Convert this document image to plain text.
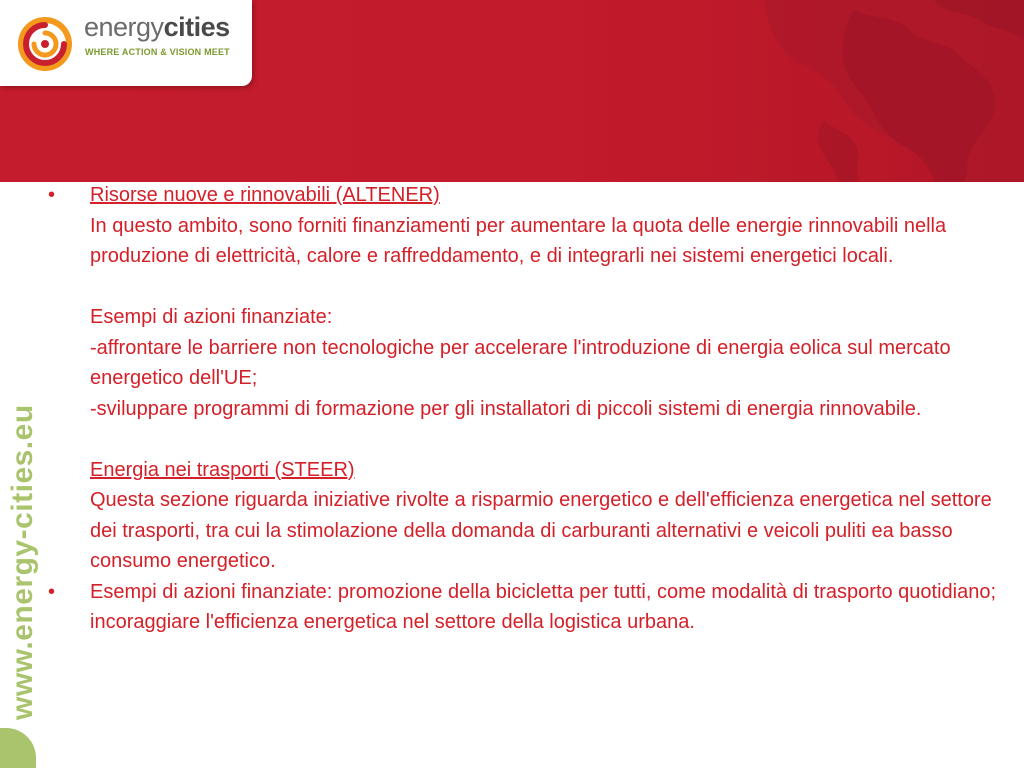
energycities
WHERE ACTION & VISION MEET
www.energy-cities.eu
•	Risorse nuove e rinnovabili (ALTENER)

In questo ambito, sono forniti finanziamenti per aumentare la quota delle energie rinnovabili nella produzione di elettricità, calore e raffreddamento, e di integrarli nei sistemi energetici locali.

Esempi di azioni finanziate:

-affrontare le barriere non tecnologiche per accelerare l'introduzione di energia eolica sul mercato energetico dell'UE;

-sviluppare programmi di formazione per gli installatori di piccoli sistemi di energia rinnovabile.

Energia nei trasporti (STEER)

Questa sezione riguarda iniziative rivolte a risparmio energetico e dell'efficienza energetica nel settore dei trasporti, tra cui la stimolazione della domanda di carburanti alternativi e veicoli puliti ea basso consumo energetico.

•	Esempi di azioni finanziate: promozione della bicicletta per tutti, come modalità di trasporto quotidiano; incoraggiare l'efficienza energetica nel settore della logistica urbana.
